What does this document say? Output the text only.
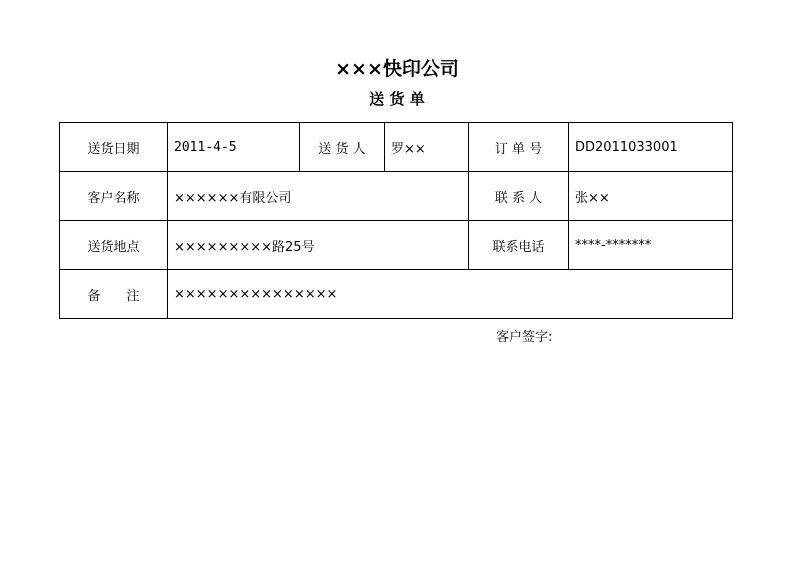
×××快印公司
送 货 单
送货日期	2011-4-5	送 货 人	罗××	订 单 号	DD2011033001
客户名称	××××××有限公司			联 系 人	张××
送货地点	×××××××××路25号			联系电话	****-*******
备　　注	×××××××××××××××				
客户签字:
